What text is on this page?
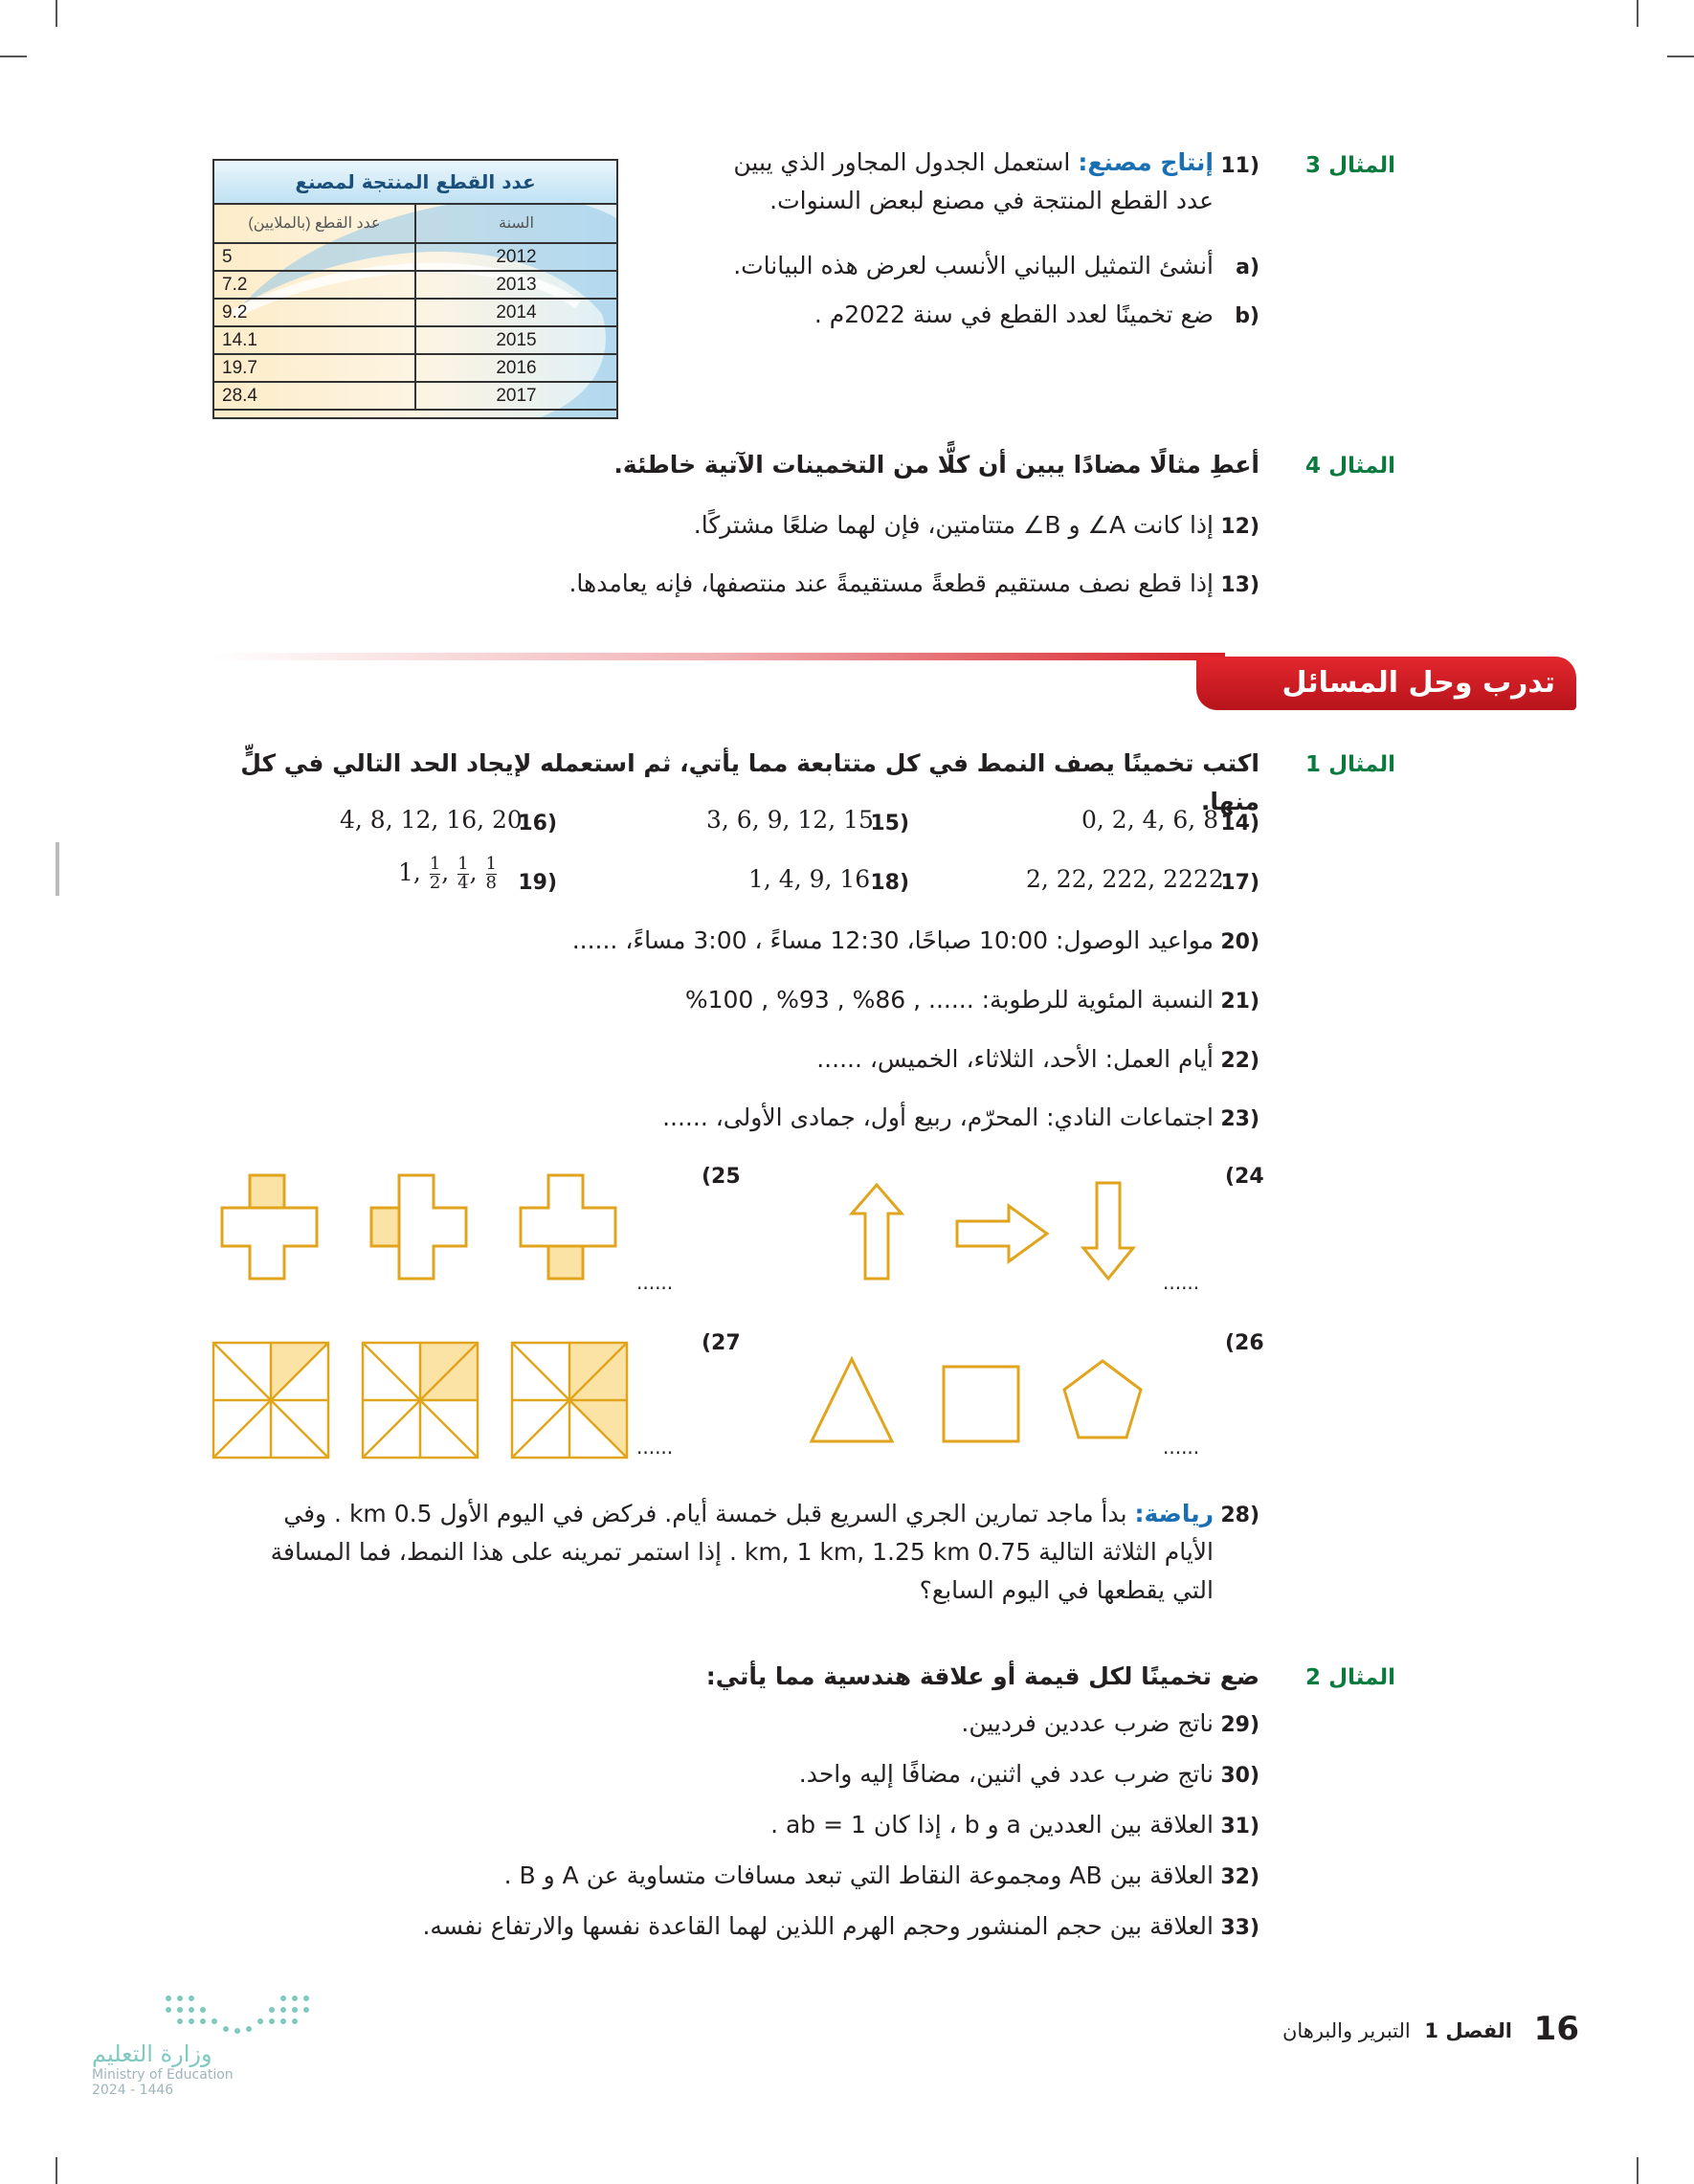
المثال 3
11)
إنتاج مصنع: استعمل الجدول المجاور الذي يبين عدد القطع المنتجة في مصنع لبعض السنوات.
a)
أنشئ التمثيل البياني الأنسب لعرض هذه البيانات.
b)
ضع تخمينًا لعدد القطع في سنة 2022م .
عدد القطع المنتجة لمصنع
عدد القطع (بالملايين)	السنة
5	2012
7.2	2013
9.2	2014
14.1	2015
19.7	2016
28.4	2017
المثال 4
أعطِ مثالًا مضادًا يبين أن كلًّا من التخمينات الآتية خاطئة.
12)
إذا كانت A∠ و B∠ متتامتين، فإن لهما ضلعًا مشتركًا.
13)
إذا قطع نصف مستقيم قطعةً مستقيمةً عند منتصفها، فإنه يعامدها.
تدرب وحل المسائل
المثال 1
اكتب تخمينًا يصف النمط في كل متتابعة مما يأتي، ثم استعمله لإيجاد الحد التالي في كلٍّ منها.
14)
0, 2, 4, 6, 8
15)
3, 6, 9, 12, 15
16)
4, 8, 12, 16, 20
17)
2, 22, 222, 2222
18)
1, 4, 9, 16
19)
1, $\frac{1}{2}$ , $\frac{1}{4}$ , $\frac{1}{8}$
20)
مواعيد الوصول: 10:00 صباحًا، 12:30 مساءً ، 3:00 مساءً، ......
21)
النسبة المئوية للرطوبة: ...... , 86% , 93% , 100%
22)
أيام العمل: الأحد، الثلاثاء، الخميس، ......
23)
اجتماعات النادي: المحرّم، ربيع أول، جمادى الأولى، ......
(24
(25
......
......
(26
(27
......
......
28)
رياضة: بدأ ماجد تمارين الجري السريع قبل خمسة أيام. فركض في اليوم الأول 0.5 km . وفي الأيام الثلاثة التالية 0.75 km, 1 km, 1.25 km . إذا استمر تمرينه على هذا النمط، فما المسافة التي يقطعها في اليوم السابع؟
المثال 2
ضع تخمينًا لكل قيمة أو علاقة هندسية مما يأتي:
29)
ناتج ضرب عددين فرديين.
30)
ناتج ضرب عدد في اثنين، مضافًا إليه واحد.
31)
العلاقة بين العددين a و b ، إذا كان ab = 1 .
32)
العلاقة بين AB ومجموعة النقاط التي تبعد مسافات متساوية عن A و B .
33)
العلاقة بين حجم المنشور وحجم الهرم اللذين لهما القاعدة نفسها والارتفاع نفسه.
وزارة التعليم
Ministry of Education
2024 - 1446
16
الفصل 1 التبرير والبرهان
